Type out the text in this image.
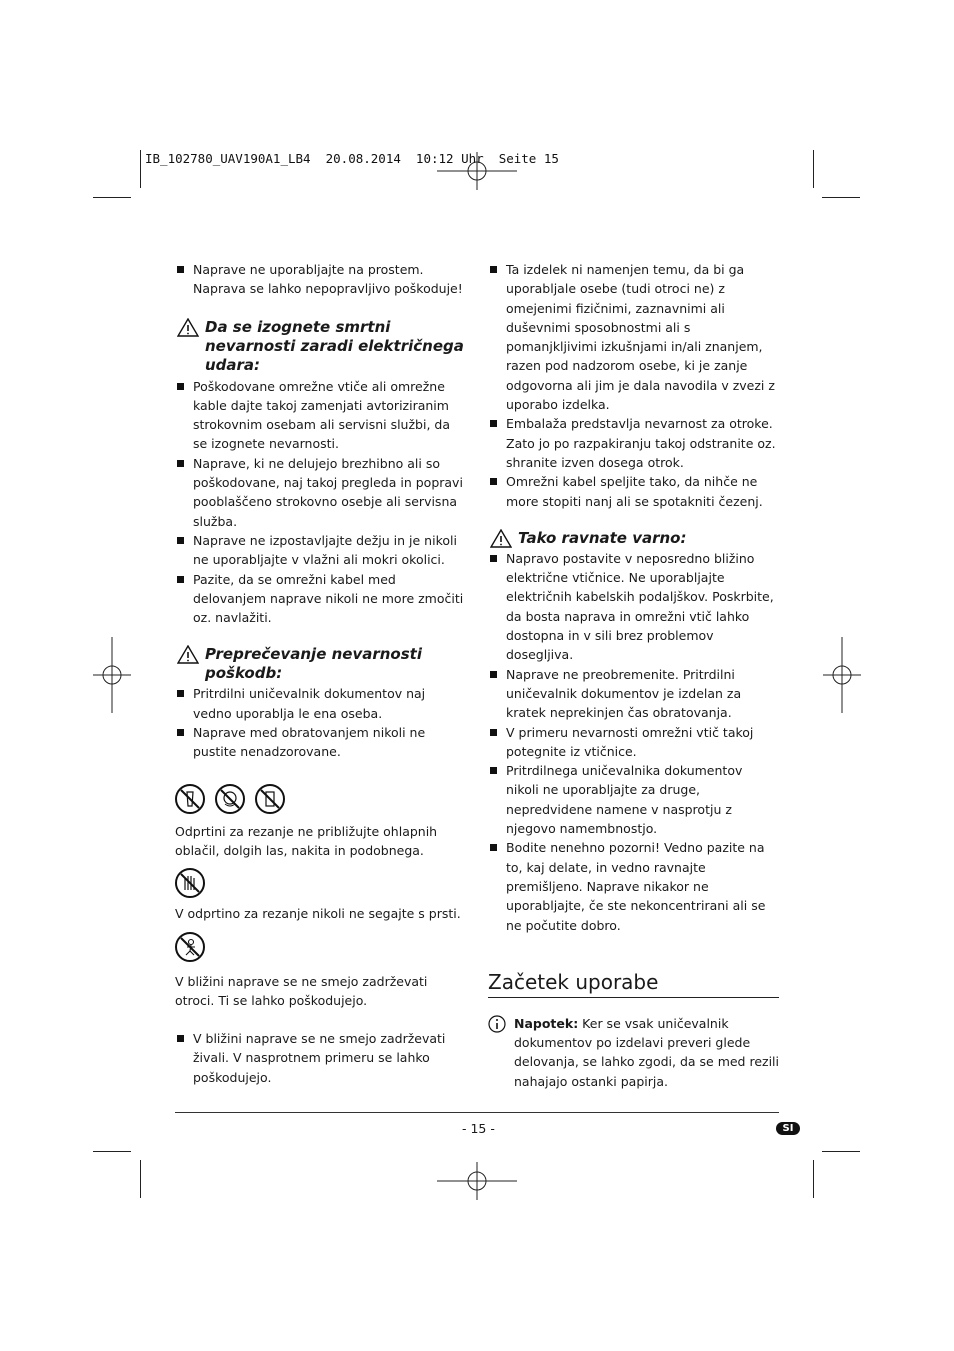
IB_102780_UAV190A1_LB4  20.08.2014  10:12 Uhr  Seite 15

Naprave ne uporabljajte na prostem. Naprava se lahko nepopravljivo poškoduje!

Da se izognete smrtni nevarnosti zaradi električnega udara:

Poškodovane omrežne vtiče ali omrežne kable dajte takoj zamenjati avtoriziranim strokovnim osebam ali servisni službi, da se izognete nevarnosti.

Naprave, ki ne delujejo brezhibno ali so poškodovane, naj takoj pregleda in popravi pooblaščeno strokovno osebje ali servisna služba.

Naprave ne izpostavljajte dežju in je nikoli ne uporabljajte v vlažni ali mokri okolici.

Pazite, da se omrežni kabel med delovanjem naprave nikoli ne more zmočiti oz. navlažiti.

Preprečevanje nevarnosti poškodb:

Pritrdilni uničevalnik dokumentov naj vedno uporablja le ena oseba.

Naprave med obratovanjem nikoli ne pustite nenadzorovane.

Odprtini za rezanje ne približujte ohlapnih oblačil, dolgih las, nakita in podobnega.

V odprtino za rezanje nikoli ne segajte s prsti.

V bližini naprave se ne smejo zadrževati otroci. Ti se lahko poškodujejo.

V bližini naprave se ne smejo zadrževati živali. V nasprotnem primeru se lahko poškodujejo.

Ta izdelek ni namenjen temu, da bi ga uporabljale osebe (tudi otroci ne) z omejenimi fizičnimi, zaznavnimi ali duševnimi sposobnostmi ali s pomanjkljivimi izkušnjami in/ali znanjem, razen pod nadzorom osebe, ki je zanje odgovorna ali jim je dala navodila v zvezi z uporabo izdelka.

Embalaža predstavlja nevarnost za otroke. Zato jo po razpakiranju takoj odstranite oz. shranite izven dosega otrok.

Omrežni kabel speljite tako, da nihče ne more stopiti nanj ali se spotakniti čezenj.

Tako ravnate varno:

Napravo postavite v neposredno bližino električne vtičnice. Ne uporabljajte električnih kabelskih podaljškov. Poskrbite, da bosta naprava in omrežni vtič lahko dostopna in v sili brez problemov dosegljiva.

Naprave ne preobremenite. Pritrdilni uničevalnik dokumentov je izdelan za kratek neprekinjen čas obratovanja.

V primeru nevarnosti omrežni vtič takoj potegnite iz vtičnice.

Pritrdilnega uničevalnika dokumentov nikoli ne uporabljajte za druge, nepredvidene namene v nasprotju z njegovo namembnostjo.

Bodite nenehno pozorni! Vedno pazite na to, kaj delate, in vedno ravnajte premišljeno. Naprave nikakor ne uporabljajte, če ste nekoncentrirani ali se ne počutite dobro.

Začetek uporabe

Napotek: Ker se vsak uničevalnik dokumentov po izdelavi preveri glede delovanja, se lahko zgodi, da se med rezili nahajajo ostanki papirja.

- 15 -	SI
